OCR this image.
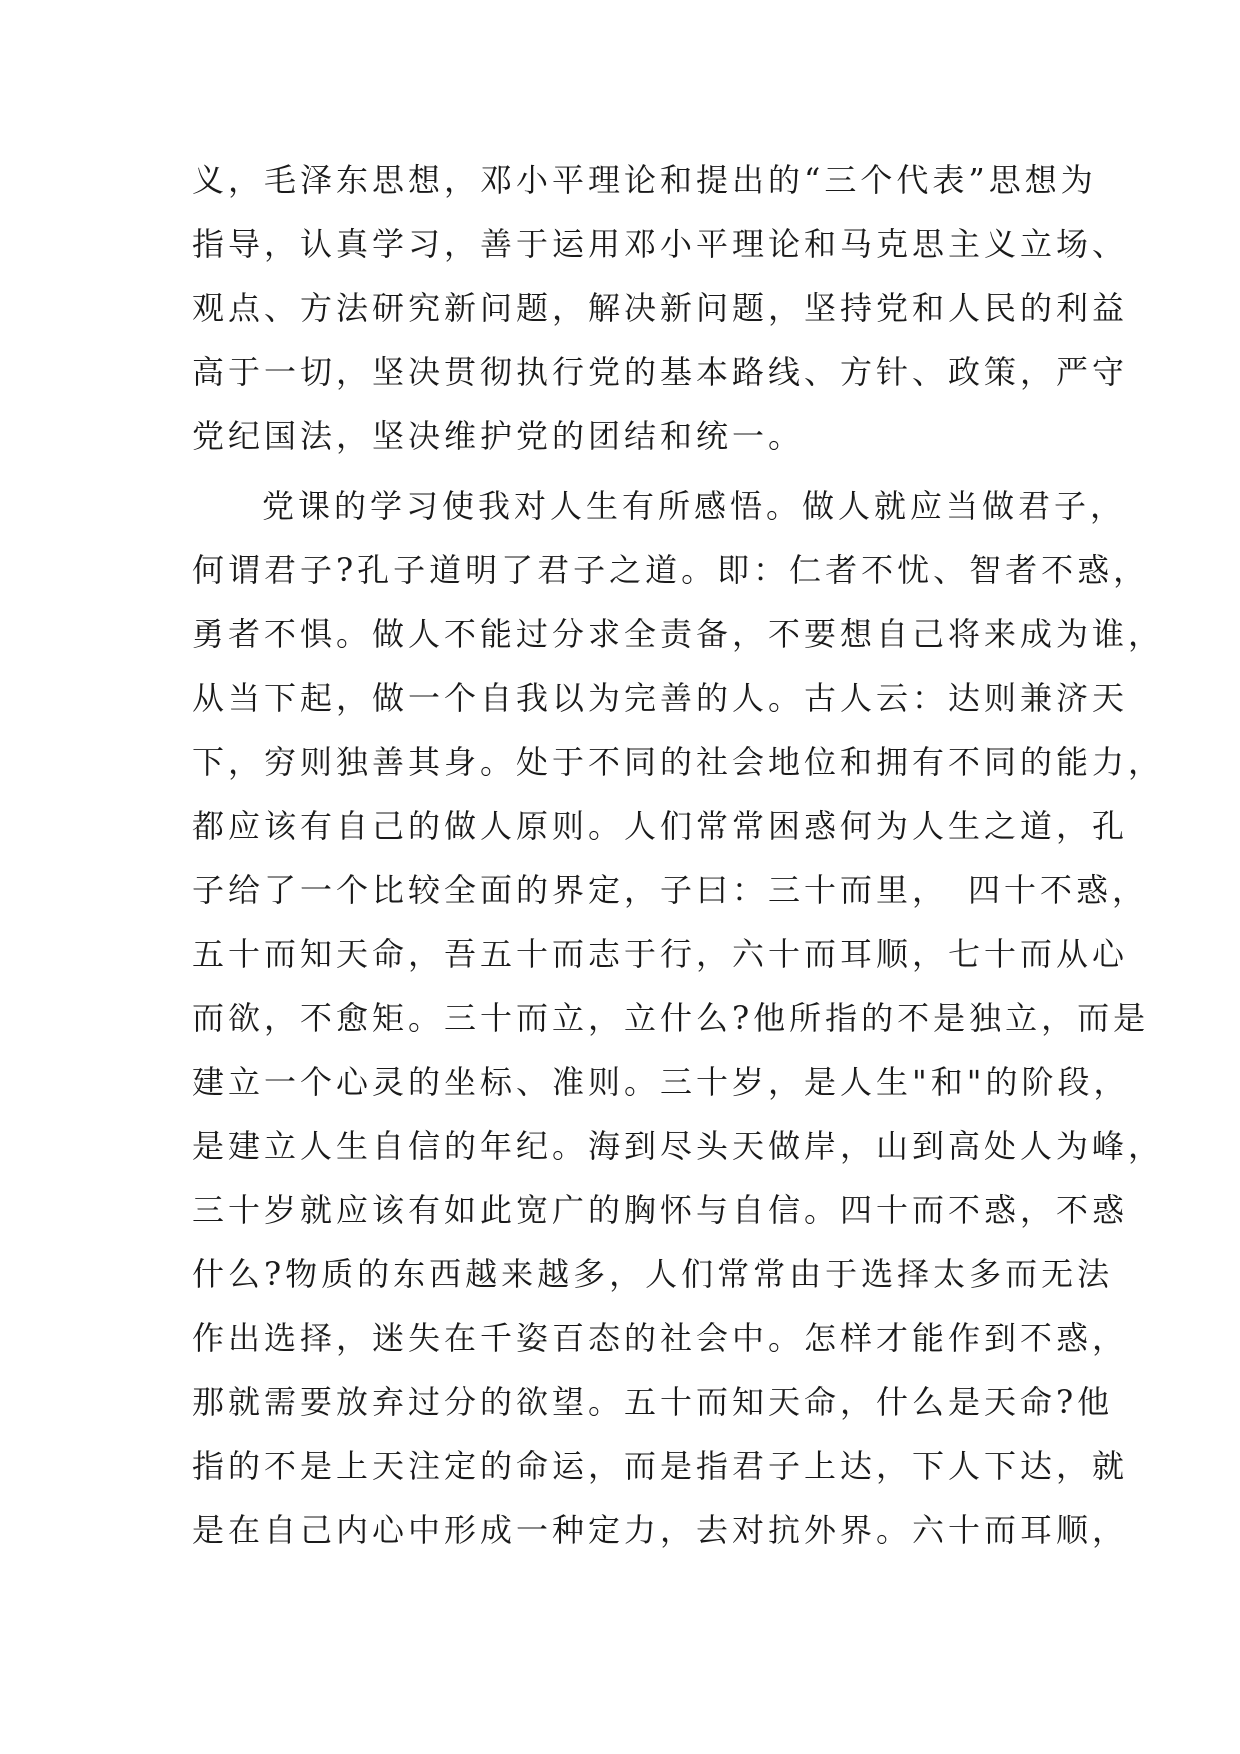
义，毛泽东思想，邓小平理论和提出的“三个代表”思想为
指导，认真学习，善于运用邓小平理论和马克思主义立场、
观点、方法研究新问题，解决新问题，坚持党和人民的利益
高于一切，坚决贯彻执行党的基本路线、方针、政策，严守
党纪国法，坚决维护党的团结和统一。
党课的学习使我对人生有所感悟。做人就应当做君子，
何谓君子?孔子道明了君子之道。即：仁者不忧、智者不惑，
勇者不惧。做人不能过分求全责备，不要想自己将来成为谁，
从当下起，做一个自我以为完善的人。古人云：达则兼济天
下，穷则独善其身。处于不同的社会地位和拥有不同的能力，
都应该有自己的做人原则。人们常常困惑何为人生之道，孔
子给了一个比较全面的界定，子曰：三十而里，　四十不惑，
五十而知天命，吾五十而志于行，六十而耳顺，七十而从心
而欲，不愈矩。三十而立，立什么?他所指的不是独立，而是
建立一个心灵的坐标、准则。三十岁，是人生"和"的阶段，
是建立人生自信的年纪。海到尽头天做岸，山到高处人为峰，
三十岁就应该有如此宽广的胸怀与自信。四十而不惑，不惑
什么?物质的东西越来越多，人们常常由于选择太多而无法
作出选择，迷失在千姿百态的社会中。怎样才能作到不惑，
那就需要放弃过分的欲望。五十而知天命，什么是天命?他
指的不是上天注定的命运，而是指君子上达，下人下达，就
是在自己内心中形成一种定力，去对抗外界。六十而耳顺，
